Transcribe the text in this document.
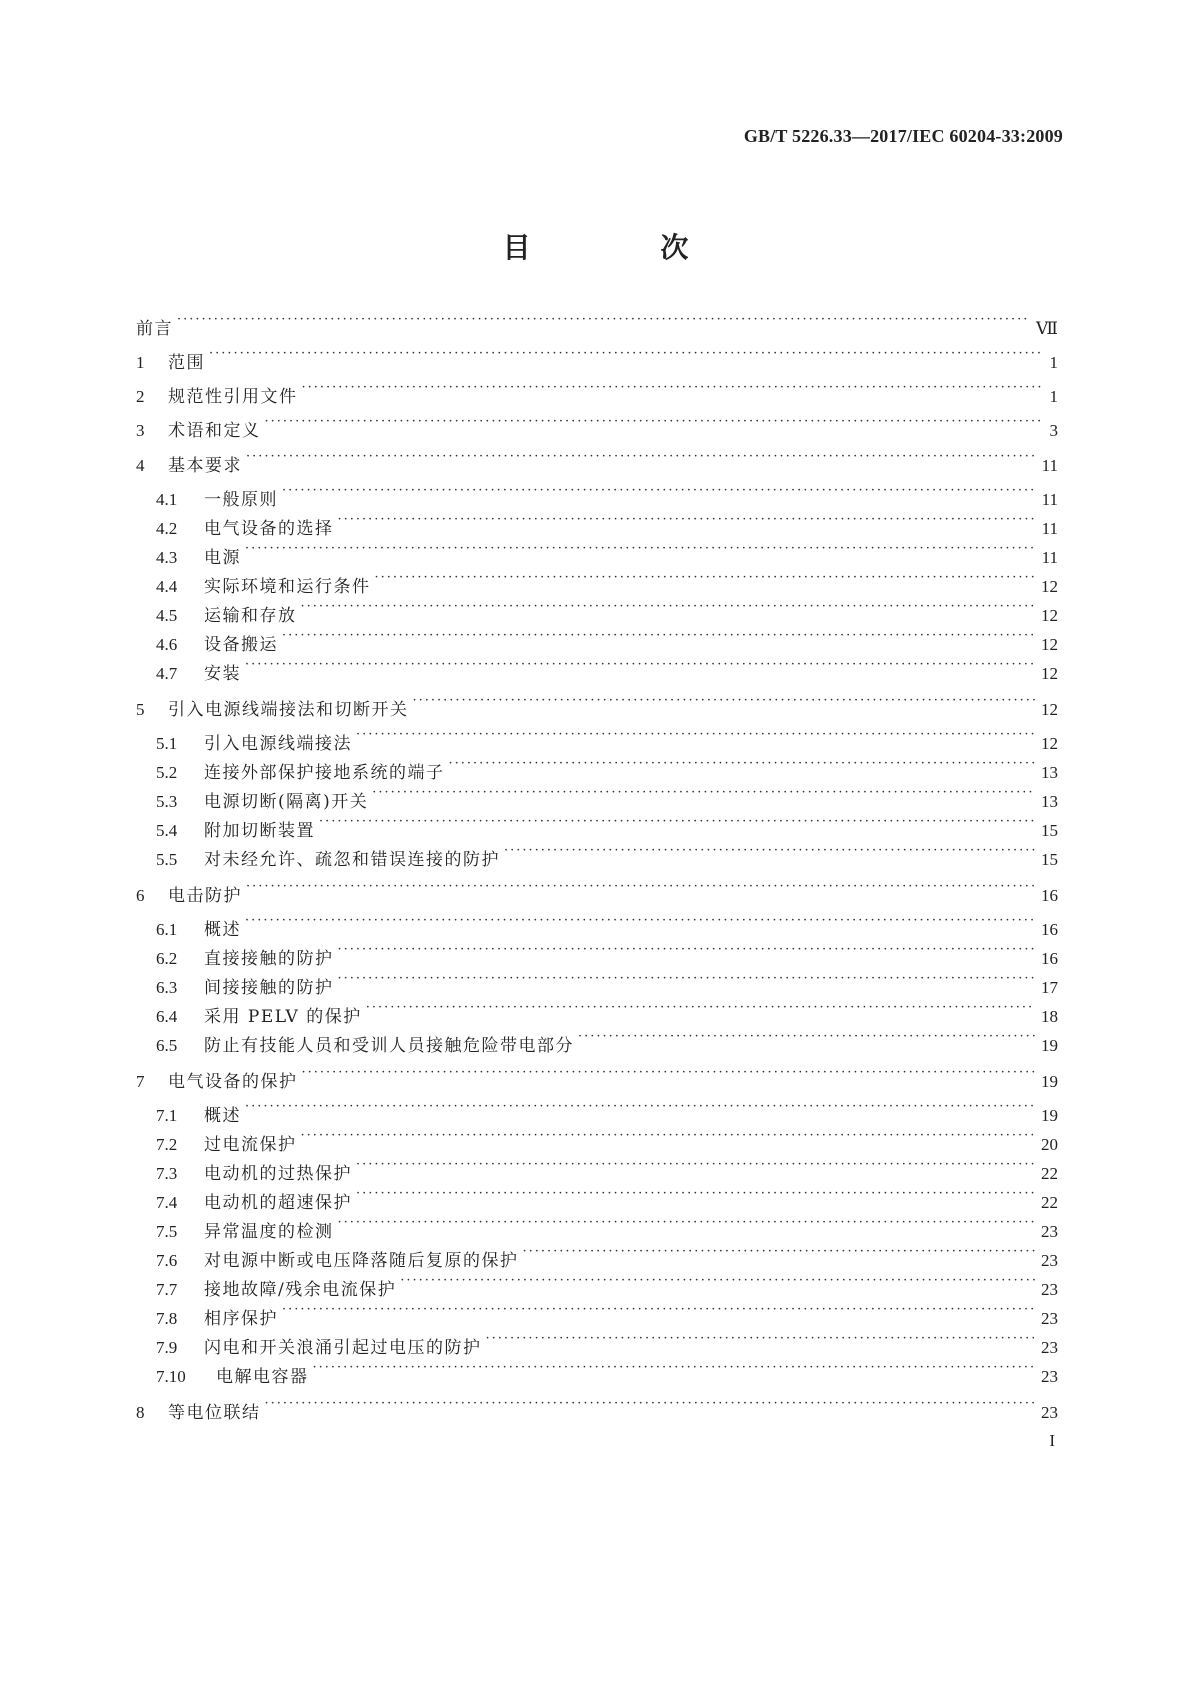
GB/T 5226.33—2017/IEC 60204-33:2009
目 次
前言 ·····	Ⅶ
1	范围 ·····	1
2	规范性引用文件 ·····	1
3	术语和定义 ·····	3
4	基本要求 ·····	11
4.1	一般原则 ·····	11
4.2	电气设备的选择 ·····	11
4.3	电源 ·····	11
4.4	实际环境和运行条件 ·····	12
4.5	运输和存放 ·····	12
4.6	设备搬运 ·····	12
4.7	安装 ·····	12
5	引入电源线端接法和切断开关 ·····	12
5.1	引入电源线端接法 ·····	12
5.2	连接外部保护接地系统的端子 ·····	13
5.3	电源切断(隔离)开关 ·····	13
5.4	附加切断装置 ·····	15
5.5	对未经允许、疏忽和错误连接的防护 ·····	15
6	电击防护 ·····	16
6.1	概述 ·····	16
6.2	直接接触的防护 ·····	16
6.3	间接接触的防护 ·····	17
6.4	采用 PELV 的保护 ·····	18
6.5	防止有技能人员和受训人员接触危险带电部分 ·····	19
7	电气设备的保护 ·····	19
7.1	概述 ·····	19
7.2	过电流保护 ·····	20
7.3	电动机的过热保护 ·····	22
7.4	电动机的超速保护 ·····	22
7.5	异常温度的检测 ·····	23
7.6	对电源中断或电压降落随后复原的保护 ·····	23
7.7	接地故障/残余电流保护 ·····	23
7.8	相序保护 ·····	23
7.9	闪电和开关浪涌引起过电压的防护 ·····	23
7.10	电解电容器 ·····	23
8	等电位联结 ·····	23
I
